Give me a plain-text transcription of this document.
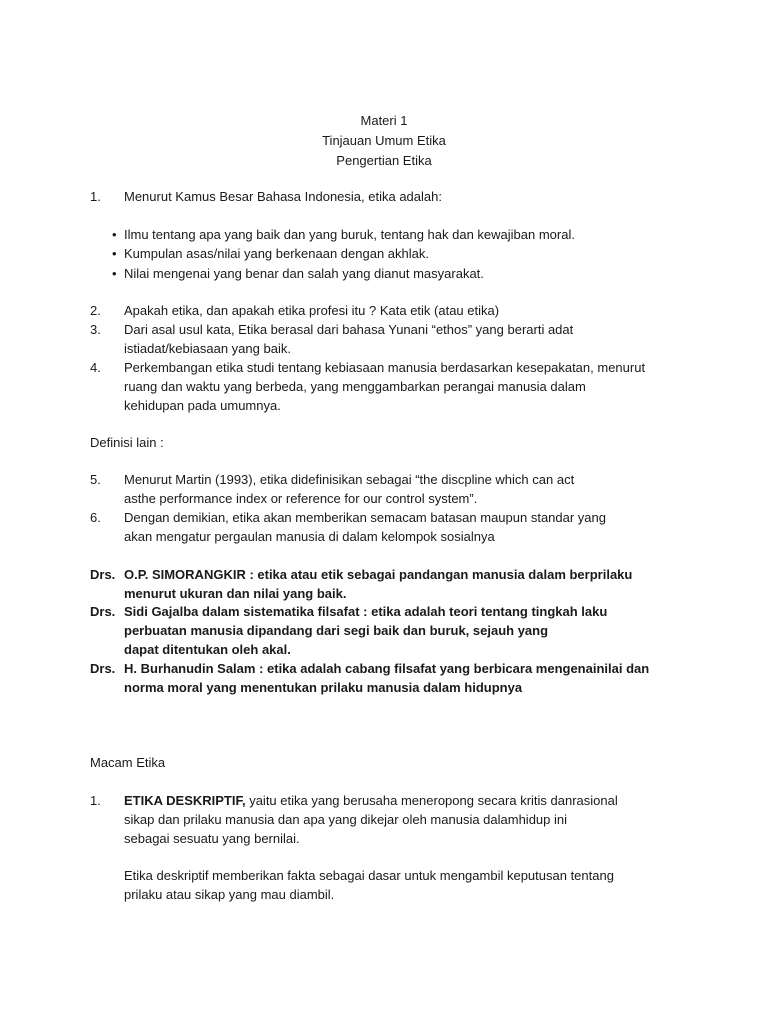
Materi 1
Tinjauan Umum Etika
Pengertian Etika
1. Menurut Kamus Besar Bahasa Indonesia, etika adalah:
• Ilmu tentang apa yang baik dan yang buruk, tentang hak dan kewajiban moral.
• Kumpulan asas/nilai yang berkenaan dengan akhlak.
• Nilai mengenai yang benar dan salah yang dianut masyarakat.
2. Apakah etika, dan apakah etika profesi itu ? Kata etik (atau etika)
3. Dari asal usul kata, Etika berasal dari bahasa Yunani “ethos” yang berarti adat
istiadat/kebiasaan yang baik.
4. Perkembangan etika studi tentang kebiasaan manusia berdasarkan kesepakatan, menurut
ruang dan waktu yang berbeda, yang menggambarkan perangai manusia dalam
kehidupan pada umumnya.
Definisi lain :
5. Menurut Martin (1993), etika didefinisikan sebagai “the discpline which can act
asthe performance index or reference for our control system”.
6. Dengan demikian, etika akan memberikan semacam batasan maupun standar yang
akan mengatur pergaulan manusia di dalam kelompok sosialnya
Drs. O.P. SIMORANGKIR : etika atau etik sebagai pandangan manusia dalam berprilaku
menurut ukuran dan nilai yang baik.
Drs. Sidi Gajalba dalam sistematika filsafat : etika adalah teori tentang tingkah laku
perbuatan manusia dipandang dari segi baik dan buruk, sejauh yang
dapat ditentukan oleh akal.
Drs. H. Burhanudin Salam : etika adalah cabang filsafat yang berbicara mengenainilai dan
norma moral yang menentukan prilaku manusia dalam hidupnya
Macam Etika
1. ETIKA DESKRIPTIF, yaitu etika yang berusaha meneropong secara kritis danrasional
sikap dan prilaku manusia dan apa yang dikejar oleh manusia dalamhidup ini
sebagai sesuatu yang bernilai.
Etika deskriptif memberikan fakta sebagai dasar untuk mengambil keputusan tentang
prilaku atau sikap yang mau diambil.
